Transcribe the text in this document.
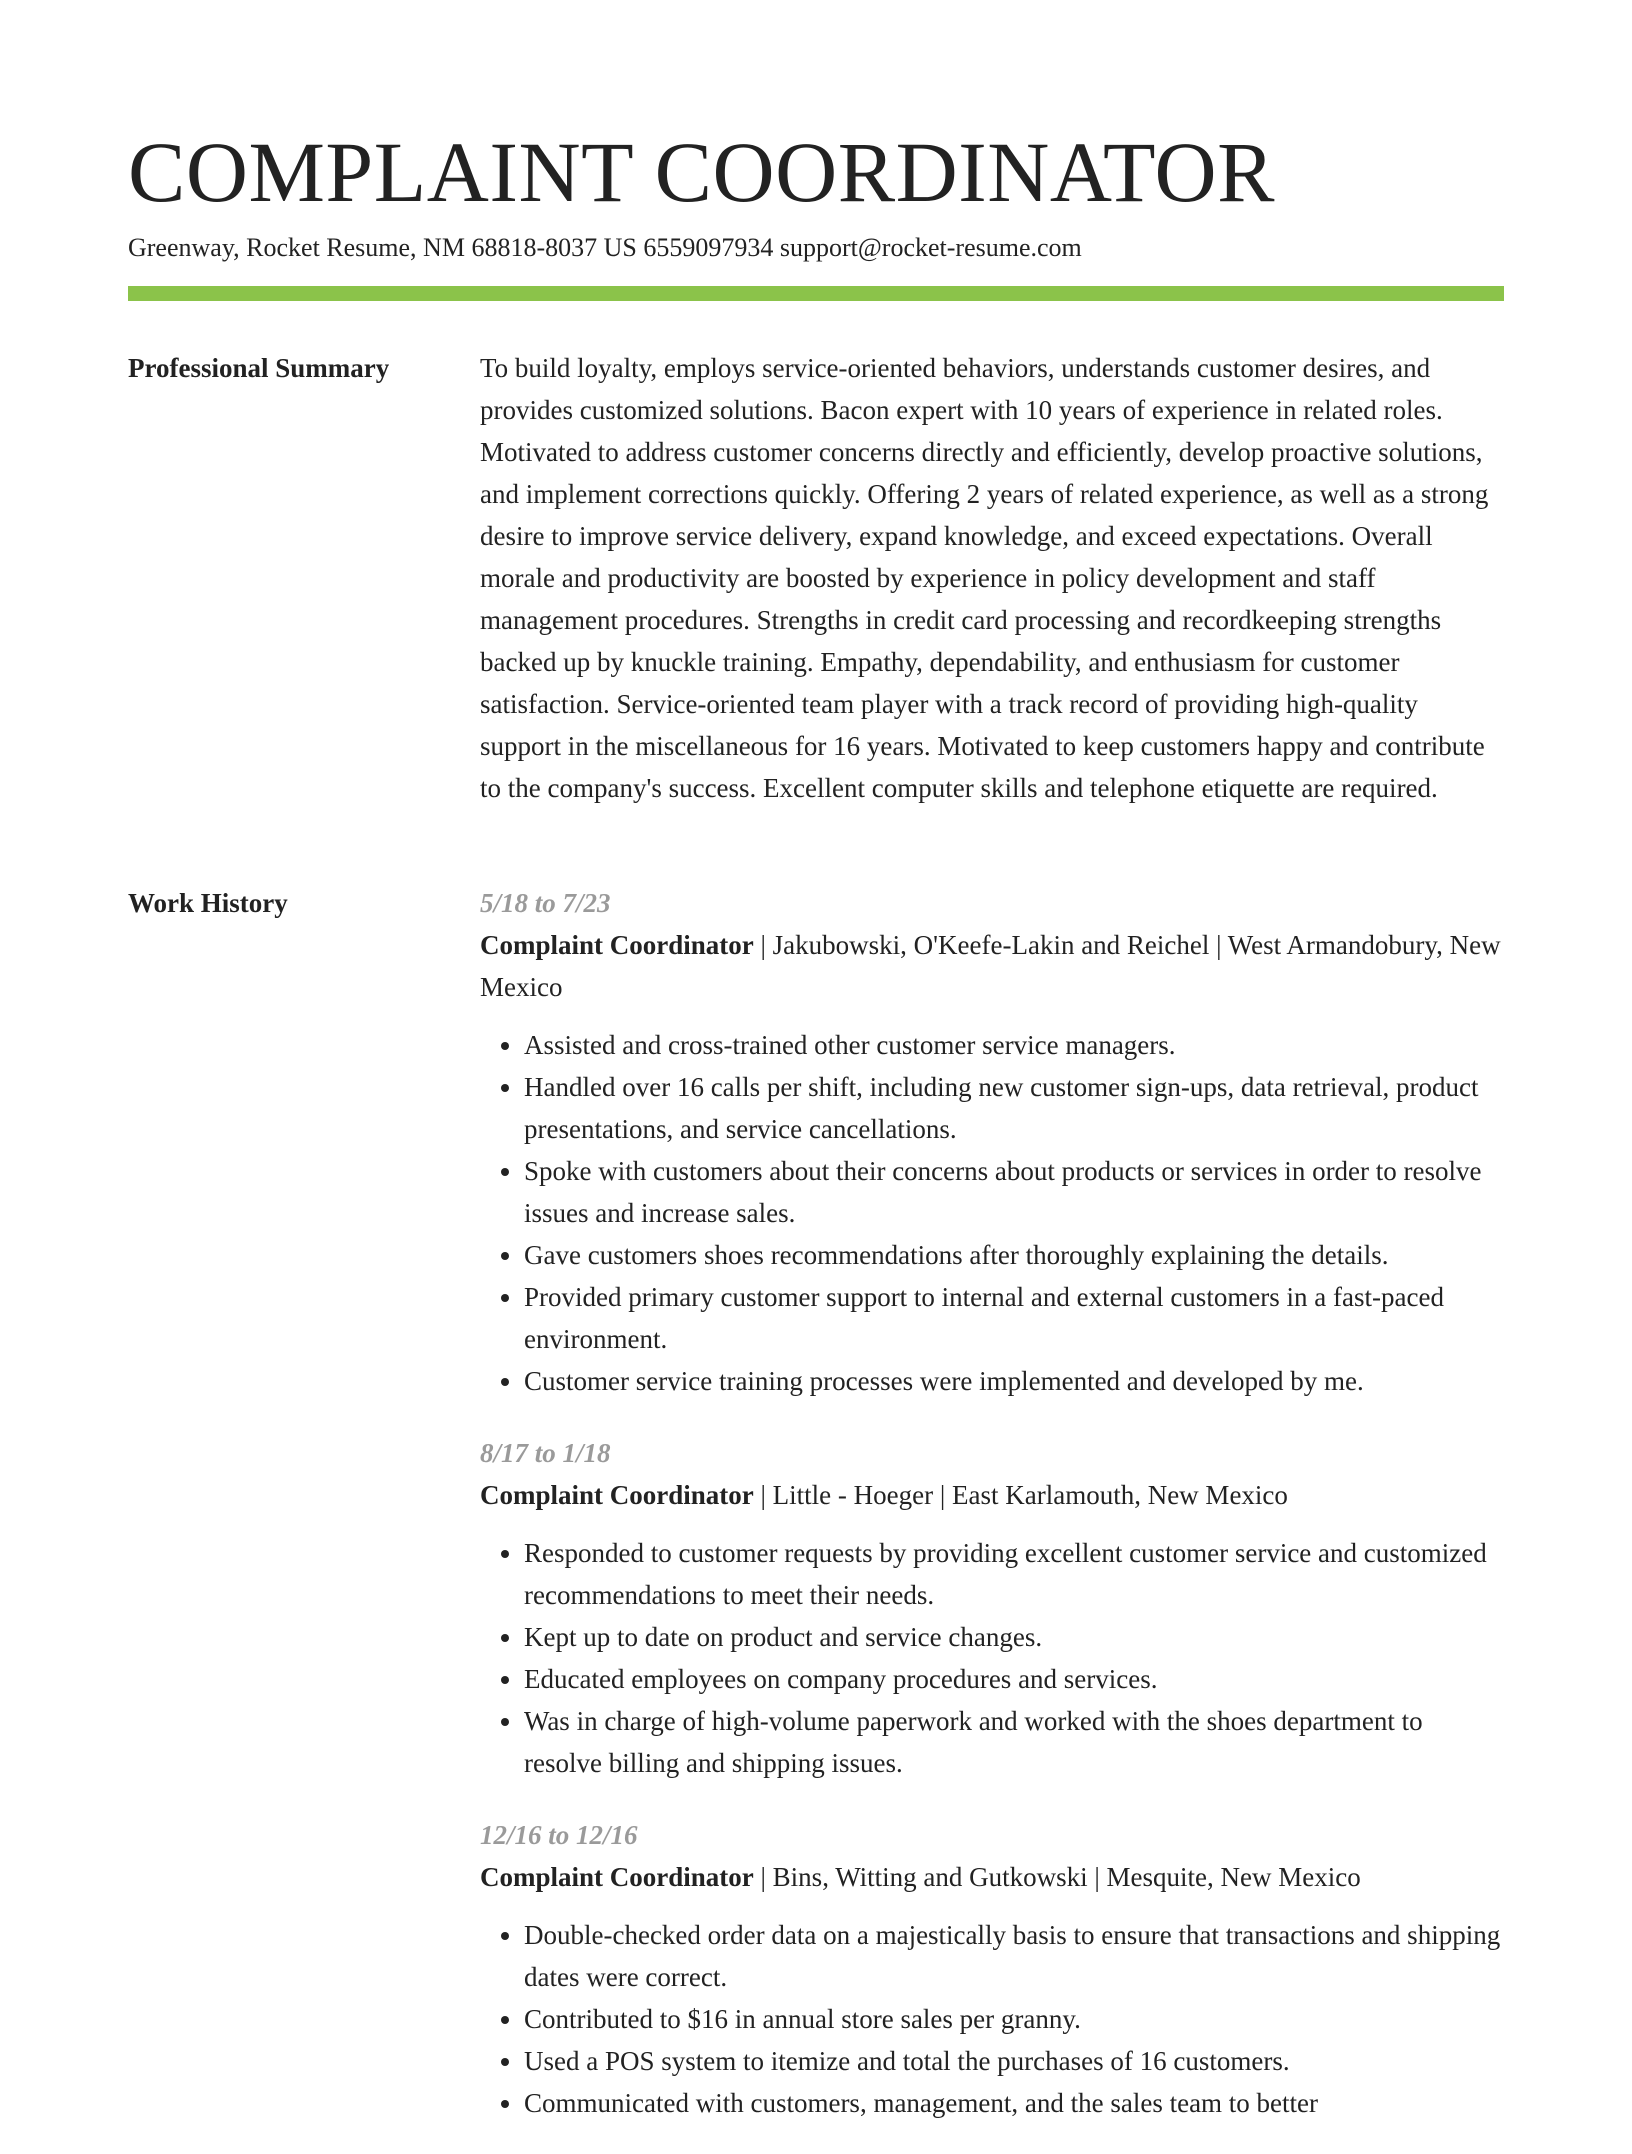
COMPLAINT COORDINATOR
Greenway, Rocket Resume, NM 68818-8037 US 6559097934 support@rocket-resume.com
Professional Summary	To build loyalty, employs service-oriented behaviors, understands customer desires, and provides customized solutions. Bacon expert with 10 years of experience in related roles. Motivated to address customer concerns directly and efficiently, develop proactive solutions, and implement corrections quickly. Offering 2 years of related experience, as well as a strong desire to improve service delivery, expand knowledge, and exceed expectations. Overall morale and productivity are boosted by experience in policy development and staff management procedures. Strengths in credit card processing and recordkeeping strengths backed up by knuckle training. Empathy, dependability, and enthusiasm for customer satisfaction. Service-oriented team player with a track record of providing high-quality support in the miscellaneous for 16 years. Motivated to keep customers happy and contribute to the company's success. Excellent computer skills and telephone etiquette are required.

Work History	5/18 to 7/23

Complaint Coordinator | Jakubowski, O'Keefe-Lakin and Reichel | West Armandobury, New Mexico

• Assisted and cross-trained other customer service managers.
• Handled over 16 calls per shift, including new customer sign-ups, data retrieval, product presentations, and service cancellations.
• Spoke with customers about their concerns about products or services in order to resolve issues and increase sales.
• Gave customers shoes recommendations after thoroughly explaining the details.
• Provided primary customer support to internal and external customers in a fast-paced environment.
• Customer service training processes were implemented and developed by me.
8/17 to 1/18

Complaint Coordinator | Little - Hoeger | East Karlamouth, New Mexico

• Responded to customer requests by providing excellent customer service and customized recommendations to meet their needs.
• Kept up to date on product and service changes.
• Educated employees on company procedures and services.
• Was in charge of high-volume paperwork and worked with the shoes department to resolve billing and shipping issues.
12/16 to 12/16

Complaint Coordinator | Bins, Witting and Gutkowski | Mesquite, New Mexico

• Double-checked order data on a majestically basis to ensure that transactions and shipping dates were correct.
• Contributed to $16 in annual store sales per granny.
• Used a POS system to itemize and total the purchases of 16 customers.
• Communicated with customers, management, and the sales team to better
